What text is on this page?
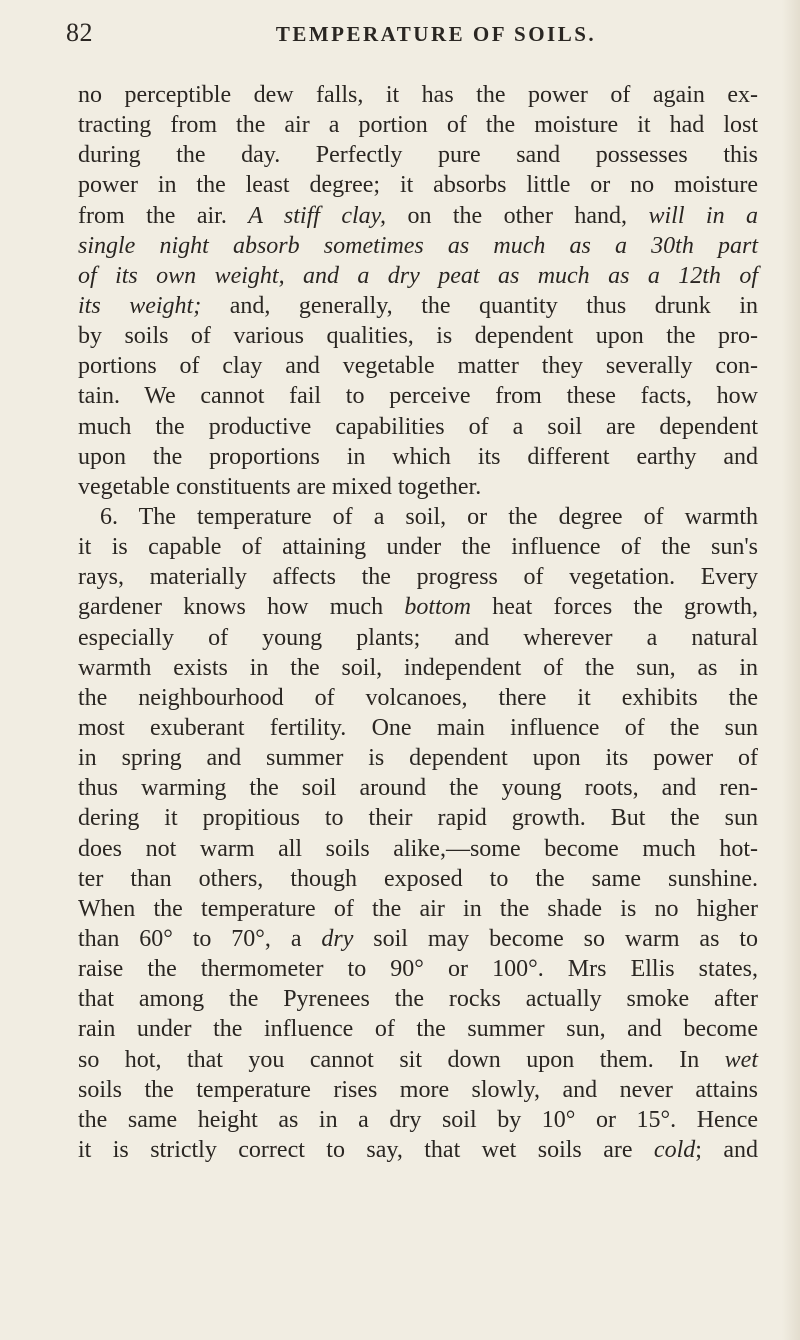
82	TEMPERATURE OF SOILS.
no perceptible dew falls, it has the power of again ex-
tracting from the air a portion of the moisture it had lost
during the day. Perfectly pure sand possesses this
power in the least degree; it absorbs little or no moisture
from the air. A stiff clay, on the other hand, will in a
single night absorb sometimes as much as a 30th part
of its own weight, and a dry peat as much as a 12th of
its weight; and, generally, the quantity thus drunk in
by soils of various qualities, is dependent upon the pro-
portions of clay and vegetable matter they severally con-
tain. We cannot fail to perceive from these facts, how
much the productive capabilities of a soil are dependent
upon the proportions in which its different earthy and
vegetable constituents are mixed together.
6. The temperature of a soil, or the degree of warmth
it is capable of attaining under the influence of the sun's
rays, materially affects the progress of vegetation. Every
gardener knows how much bottom heat forces the growth,
especially of young plants; and wherever a natural
warmth exists in the soil, independent of the sun, as in
the neighbourhood of volcanoes, there it exhibits the
most exuberant fertility. One main influence of the sun
in spring and summer is dependent upon its power of
thus warming the soil around the young roots, and ren-
dering it propitious to their rapid growth. But the sun
does not warm all soils alike,—some become much hot-
ter than others, though exposed to the same sunshine.
When the temperature of the air in the shade is no higher
than 60° to 70°, a dry soil may become so warm as to
raise the thermometer to 90° or 100°. Mrs Ellis states,
that among the Pyrenees the rocks actually smoke after
rain under the influence of the summer sun, and become
so hot, that you cannot sit down upon them. In wet
soils the temperature rises more slowly, and never attains
the same height as in a dry soil by 10° or 15°. Hence
it is strictly correct to say, that wet soils are cold; and
